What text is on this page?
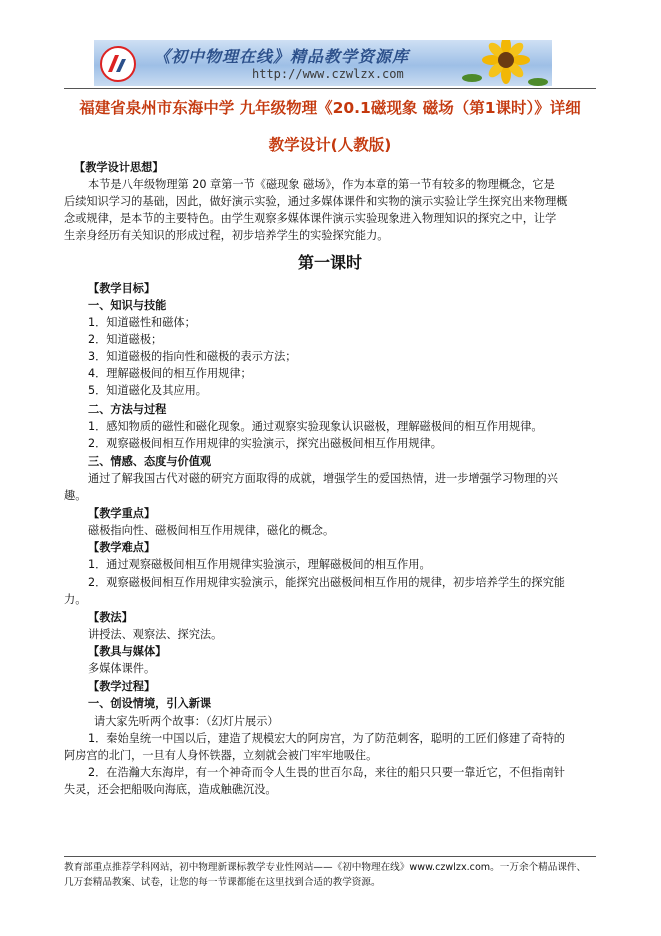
《初中物理在线》精品教学资源库
http://www.czwlzx.com
福建省泉州市东海中学 九年级物理《20.1磁现象 磁场（第1课时）》详细
教学设计(人教版)
【教学设计思想】
本节是八年级物理第 20 章第一节《磁现象 磁场》，作为本章的第一节有较多的物理概念，它是
后续知识学习的基础，因此，做好演示实验，通过多媒体课件和实物的演示实验让学生探究出来物理概
念或规律，是本节的主要特色。由学生观察多媒体课件演示实验现象进入物理知识的探究之中，让学
生亲身经历有关知识的形成过程，初步培养学生的实验探究能力。
第一课时
【教学目标】
一、知识与技能
1．知道磁性和磁体；
2．知道磁极；
3．知道磁极的指向性和磁极的表示方法；
4．理解磁极间的相互作用规律；
5．知道磁化及其应用。
二、方法与过程
1．感知物质的磁性和磁化现象。通过观察实验现象认识磁极，理解磁极间的相互作用规律。
2．观察磁极间相互作用规律的实验演示，探究出磁极间相互作用规律。
三、情感、态度与价值观
通过了解我国古代对磁的研究方面取得的成就，增强学生的爱国热情，进一步增强学习物理的兴
趣。
【教学重点】
磁极指向性、磁极间相互作用规律，磁化的概念。
【教学难点】
1．通过观察磁极间相互作用规律实验演示，理解磁极间的相互作用。
2．观察磁极间相互作用规律实验演示，能探究出磁极间相互作用的规律，初步培养学生的探究能
力。
【教法】
讲授法、观察法、探究法。
【教具与媒体】
多媒体课件。
【教学过程】
一、创设情境，引入新课
请大家先听两个故事：（幻灯片展示）
1．秦始皇统一中国以后，建造了规模宏大的阿房宫，为了防范刺客，聪明的工匠们修建了奇特的
阿房宫的北门，一旦有人身怀铁器，立刻就会被门牢牢地吸住。
2．在浩瀚大东海岸，有一个神奇而令人生畏的世百尔岛，来往的船只只要一靠近它，不但指南针
失灵，还会把船吸向海底，造成触礁沉没。
教育部重点推荐学科网站，初中物理新课标教学专业性网站——《初中物理在线》www.czwlzx.com。一万余个精品课件、
几万套精品教案、试卷，让您的每一节课都能在这里找到合适的教学资源。
